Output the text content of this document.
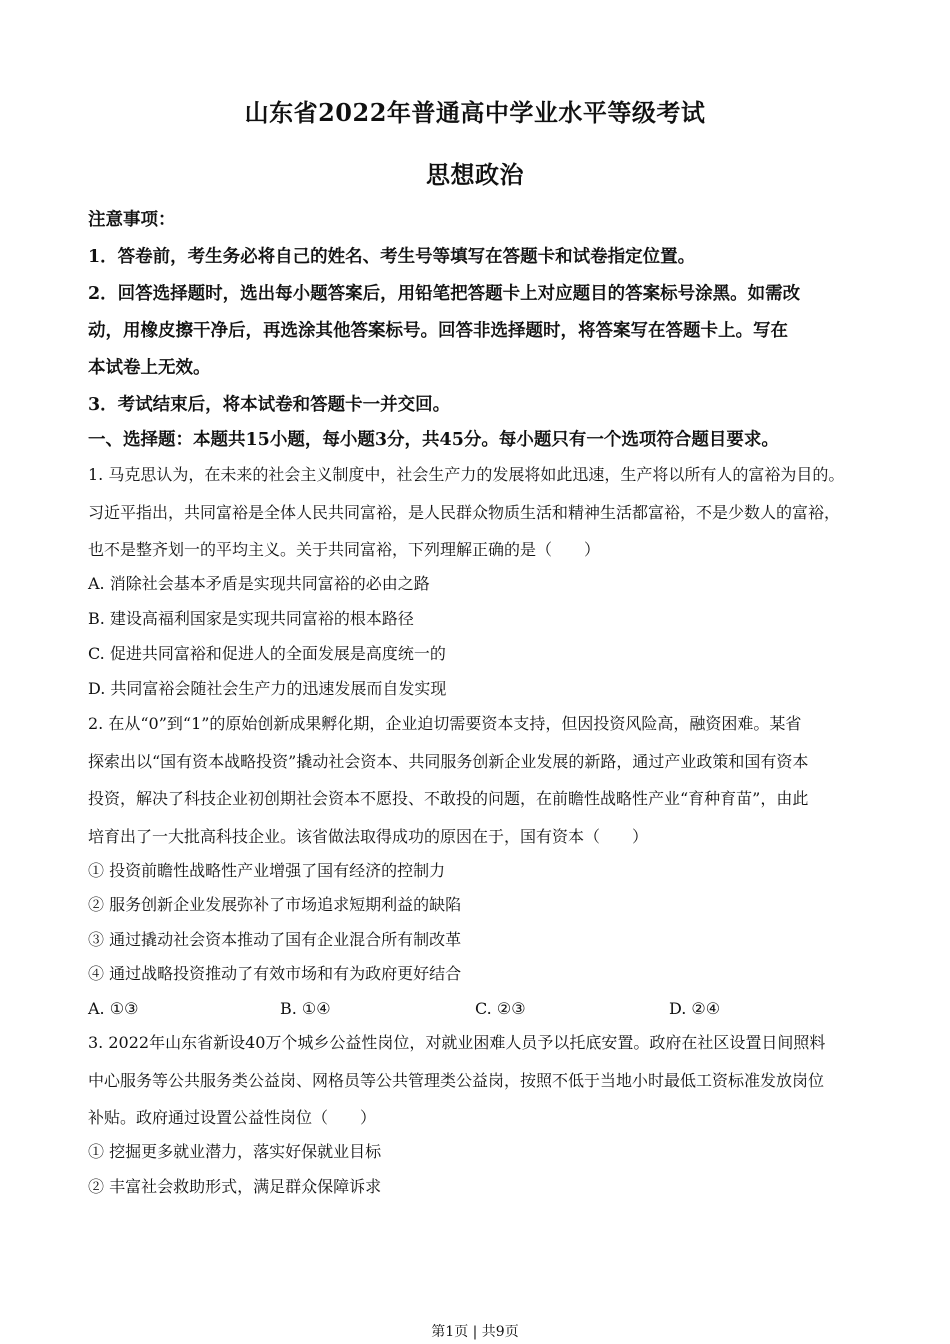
山东省2022年普通高中学业水平等级考试
思想政治
注意事项：
1．答卷前，考生务必将自己的姓名、考生号等填写在答题卡和试卷指定位置。
2．回答选择题时，选出每小题答案后，用铅笔把答题卡上对应题目的答案标号涂黑。如需改
动，用橡皮擦干净后，再选涂其他答案标号。回答非选择题时，将答案写在答题卡上。写在
本试卷上无效。
3．考试结束后，将本试卷和答题卡一并交回。
一、选择题：本题共15小题，每小题3分，共45分。每小题只有一个选项符合题目要求。
1. 马克思认为，在未来的社会主义制度中，社会生产力的发展将如此迅速，生产将以所有人的富裕为目的。
习近平指出，共同富裕是全体人民共同富裕，是人民群众物质生活和精神生活都富裕，不是少数人的富裕，
也不是整齐划一的平均主义。关于共同富裕，下列理解正确的是（　　）
A. 消除社会基本矛盾是实现共同富裕的必由之路
B. 建设高福利国家是实现共同富裕的根本路径
C. 促进共同富裕和促进人的全面发展是高度统一的
D. 共同富裕会随社会生产力的迅速发展而自发实现
2. 在从“0”到“1”的原始创新成果孵化期，企业迫切需要资本支持，但因投资风险高，融资困难。某省
探索出以“国有资本战略投资”撬动社会资本、共同服务创新企业发展的新路，通过产业政策和国有资本
投资，解决了科技企业初创期社会资本不愿投、不敢投的问题，在前瞻性战略性产业“育种育苗”，由此
培育出了一大批高科技企业。该省做法取得成功的原因在于，国有资本（　　）
① 投资前瞻性战略性产业增强了国有经济的控制力
② 服务创新企业发展弥补了市场追求短期利益的缺陷
③ 通过撬动社会资本推动了国有企业混合所有制改革
④ 通过战略投资推动了有效市场和有为政府更好结合
A. ①③	B. ①④	C. ②③	D. ②④
3. 2022年山东省新设40万个城乡公益性岗位，对就业困难人员予以托底安置。政府在社区设置日间照料
中心服务等公共服务类公益岗、网格员等公共管理类公益岗，按照不低于当地小时最低工资标准发放岗位
补贴。政府通过设置公益性岗位（　　）
① 挖掘更多就业潜力，落实好保就业目标
② 丰富社会救助形式，满足群众保障诉求
第1页 | 共9页
